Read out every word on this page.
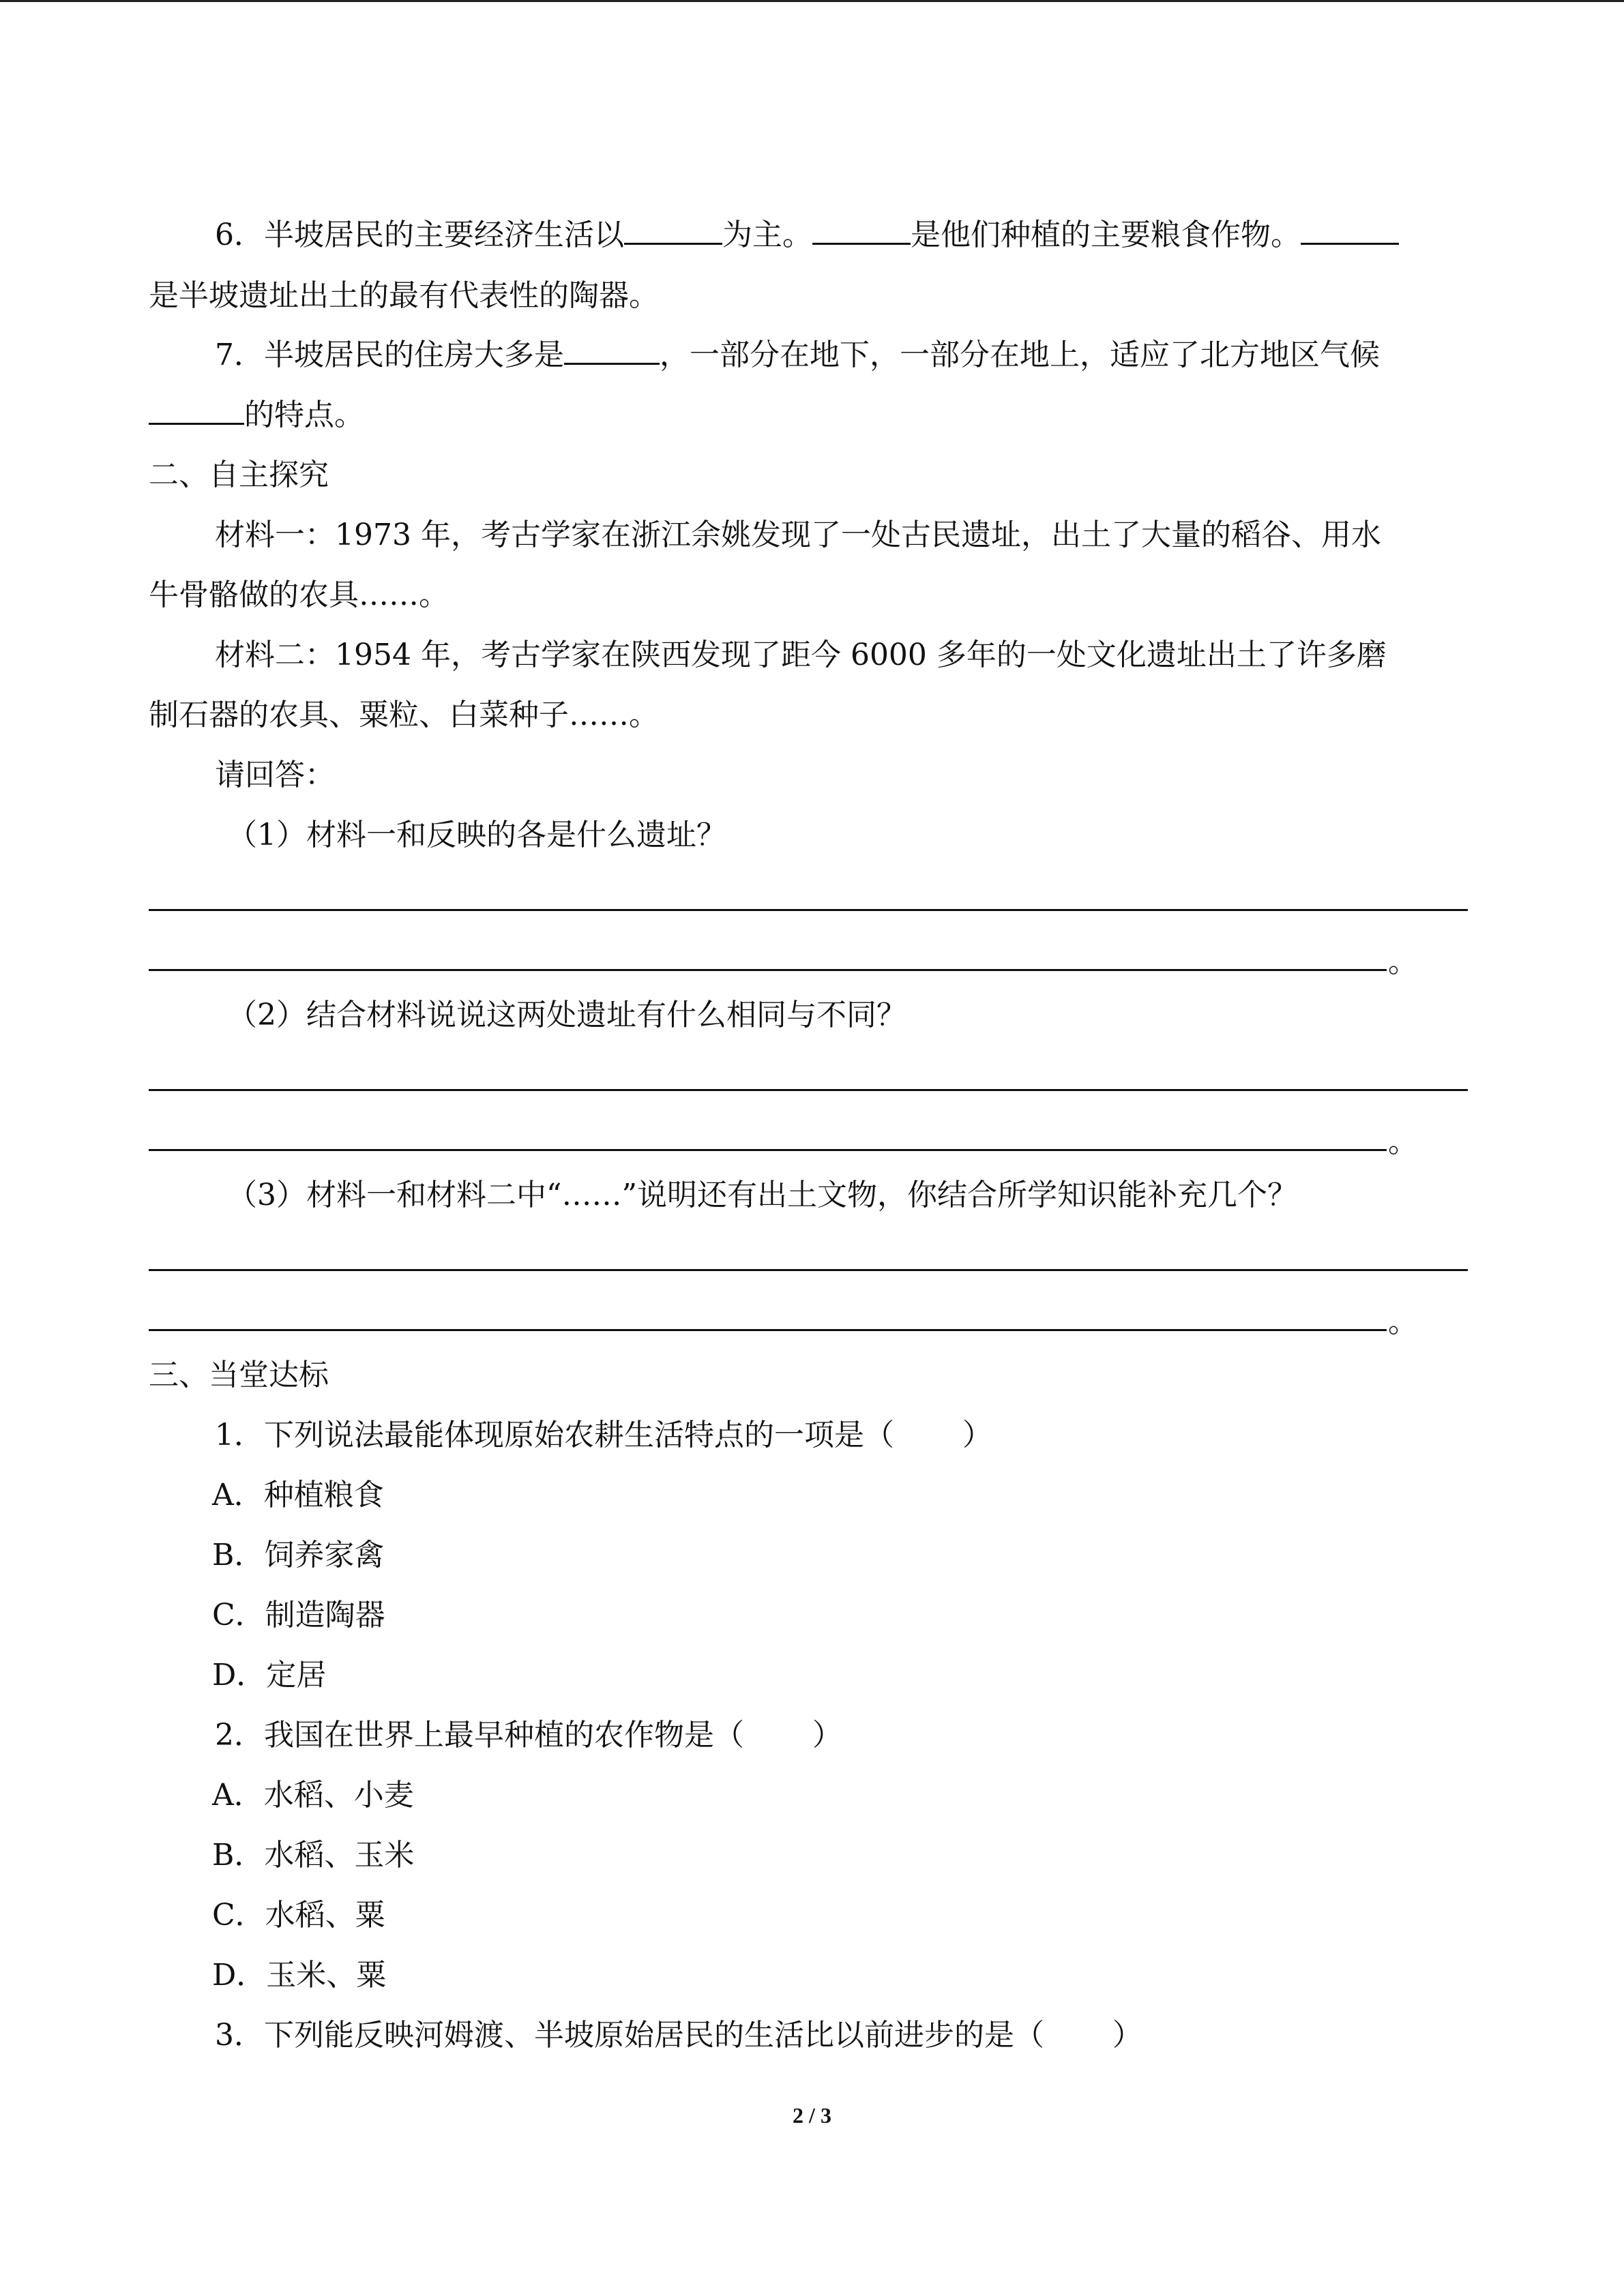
6．半坡居民的主要经济生活以	为主。	是他们种植的主要粮食作物。
是半坡遗址出土的最有代表性的陶器。
7．半坡居民的住房大多是	，一部分在地下，一部分在地上，适应了北方地区气候
的特点。
二、自主探究
材料一：1973 年，考古学家在浙江余姚发现了一处古民遗址，出土了大量的稻谷、用水
牛骨骼做的农具……。
材料二：1954 年，考古学家在陕西发现了距今 6000 多年的一处文化遗址出土了许多磨
制石器的农具、粟粒、白菜种子……。
请回答：
（1）材料一和反映的各是什么遗址？
。
（2）结合材料说说这两处遗址有什么相同与不同？
。
（3）材料一和材料二中“……”说明还有出土文物，你结合所学知识能补充几个？
。
三、当堂达标
1．下列说法最能体现原始农耕生活特点的一项是（ ）
A．种植粮食
B．饲养家禽
C．制造陶器
D．定居
2．我国在世界上最早种植的农作物是（ ）
A．水稻、小麦
B．水稻、玉米
C．水稻、粟
D．玉米、粟
3．下列能反映河姆渡、半坡原始居民的生活比以前进步的是（ ）
2 / 3
